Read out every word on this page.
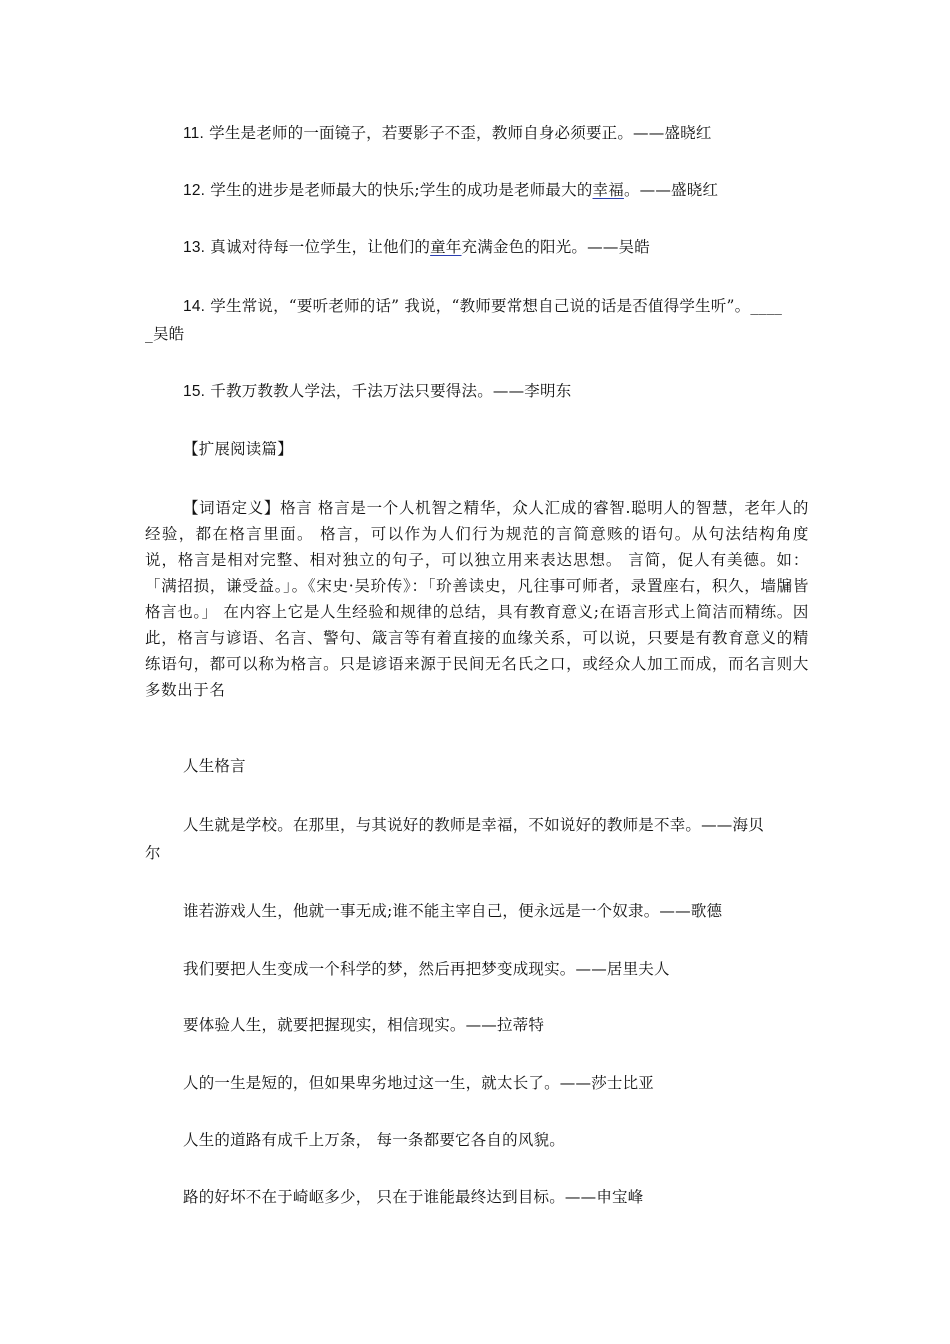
11. 学生是老师的一面镜子，若要影子不歪，教师自身必须要正。——盛晓红
12. 学生的进步是老师最大的快乐;学生的成功是老师最大的幸福。——盛晓红
13. 真诚对待每一位学生，让他们的童年充满金色的阳光。——吴皓
14. 学生常说，“要听老师的话” 我说，“教师要常想自己说的话是否值得学生听”。____
_吴皓
15. 千教万教教人学法，千法万法只要得法。——李明东
【扩展阅读篇】
【词语定义】格言 格言是一个人机智之精华，众人汇成的睿智.聪明人的智慧，老年人的经验，都在格言里面。 格言，可以作为人们行为规范的言简意赅的语句。从句法结构角度说，格言是相对完整、相对独立的句子，可以独立用来表达思想。 言简，促人有美德。如：「满招损，谦受益。」。《宋史·吴玠传》：「玠善读史，凡往事可师者，录置座右，积久，墙牖皆格言也。」 在内容上它是人生经验和规律的总结，具有教育意义;在语言形式上简洁而精练。因此，格言与谚语、名言、警句、箴言等有着直接的血缘关系，可以说，只要是有教育意义的精练语句，都可以称为格言。只是谚语来源于民间无名氏之口，或经众人加工而成，而名言则大多数出于名
人生格言
人生就是学校。在那里，与其说好的教师是幸福，不如说好的教师是不幸。——海贝
尔
谁若游戏人生，他就一事无成;谁不能主宰自己，便永远是一个奴隶。——歌德
我们要把人生变成一个科学的梦，然后再把梦变成现实。——居里夫人
要体验人生，就要把握现实，相信现实。——拉蒂特
人的一生是短的，但如果卑劣地过这一生，就太长了。——莎士比亚
人生的道路有成千上万条， 每一条都要它各自的风貌。
路的好坏不在于崎岖多少， 只在于谁能最终达到目标。——申宝峰
